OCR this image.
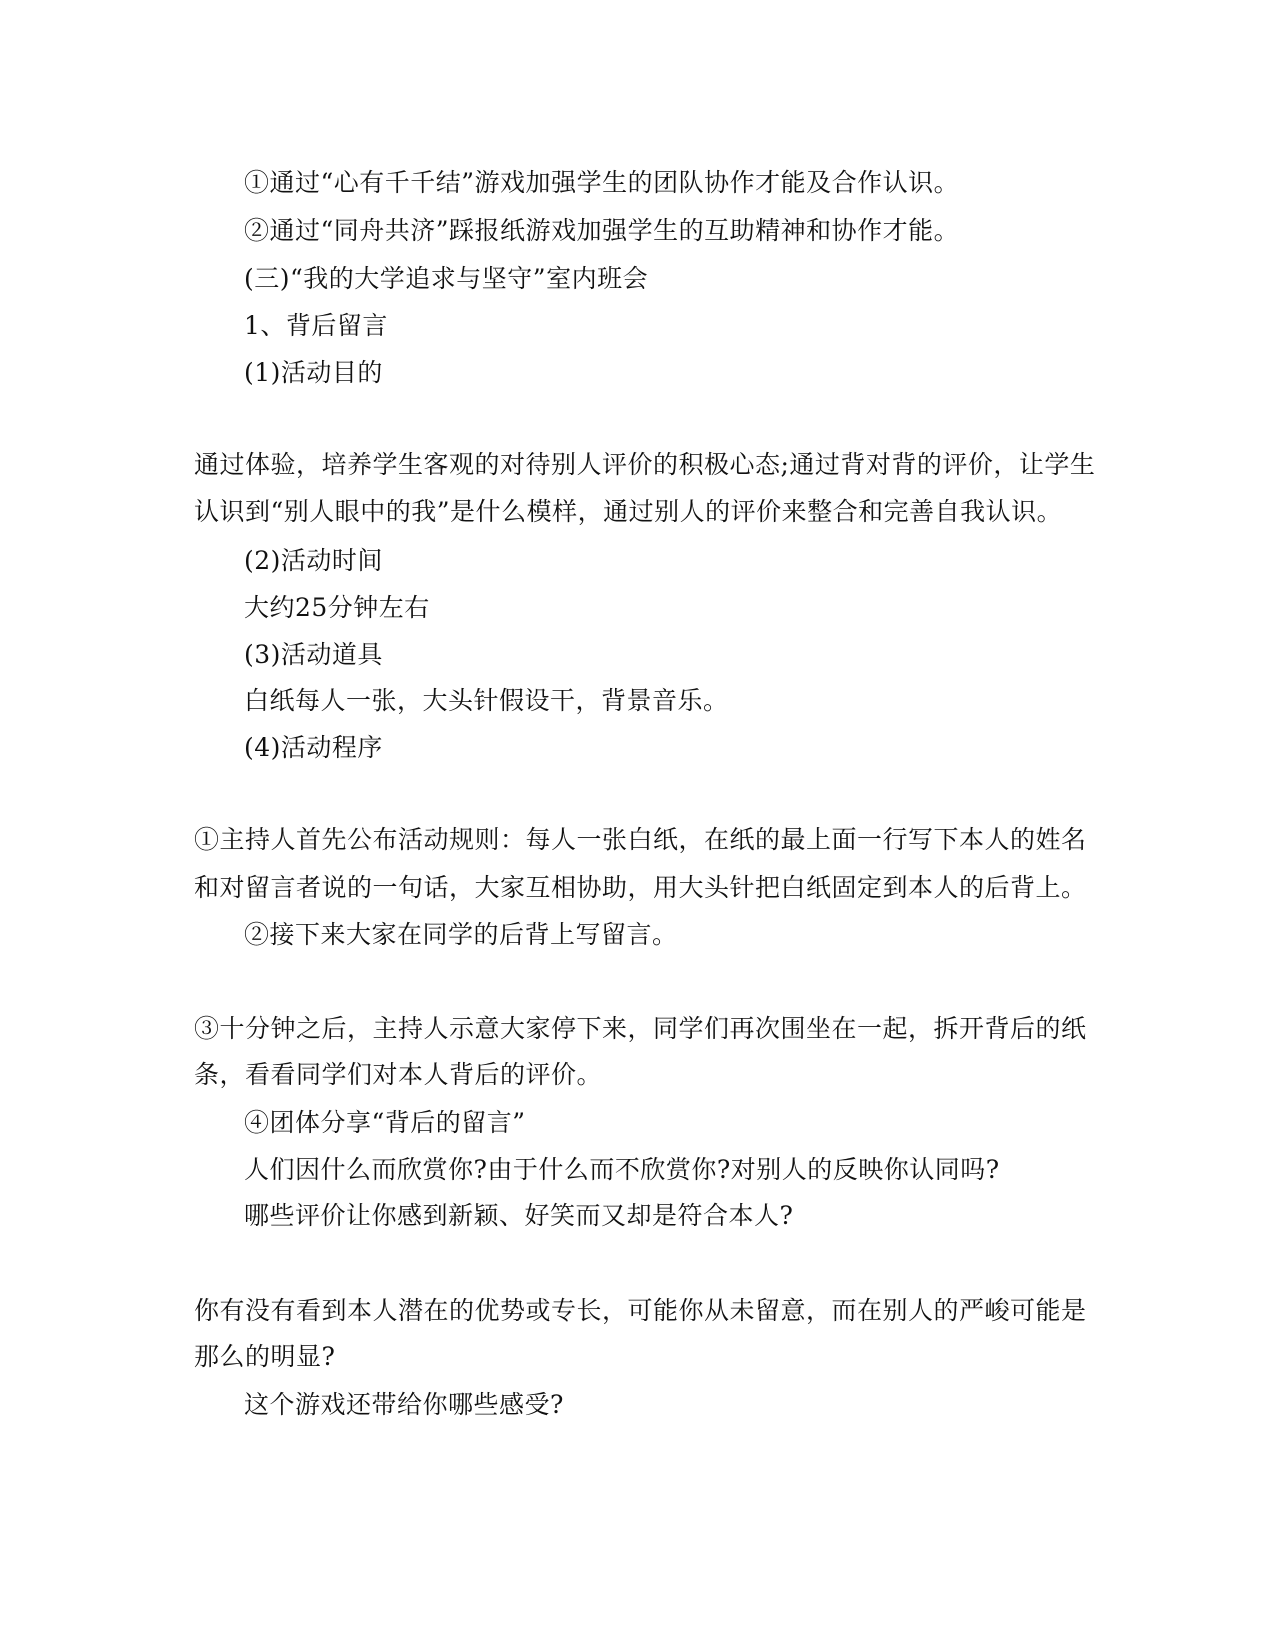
①通过“心有千千结”游戏加强学生的团队协作才能及合作认识。
②通过“同舟共济”踩报纸游戏加强学生的互助精神和协作才能。
(三)“我的大学追求与坚守”室内班会
1、背后留言
(1)活动目的
通过体验，培养学生客观的对待别人评价的积极心态;通过背对背的评价，让学生
认识到“别人眼中的我”是什么模样，通过别人的评价来整合和完善自我认识。
(2)活动时间
大约25分钟左右
(3)活动道具
白纸每人一张，大头针假设干，背景音乐。
(4)活动程序
①主持人首先公布活动规则：每人一张白纸，在纸的最上面一行写下本人的姓名
和对留言者说的一句话，大家互相协助，用大头针把白纸固定到本人的后背上。
②接下来大家在同学的后背上写留言。
③十分钟之后，主持人示意大家停下来，同学们再次围坐在一起，拆开背后的纸
条，看看同学们对本人背后的评价。
④团体分享“背后的留言”
人们因什么而欣赏你?由于什么而不欣赏你?对别人的反映你认同吗?
哪些评价让你感到新颖、好笑而又却是符合本人?
你有没有看到本人潜在的优势或专长，可能你从未留意，而在别人的严峻可能是
那么的明显?
这个游戏还带给你哪些感受?
